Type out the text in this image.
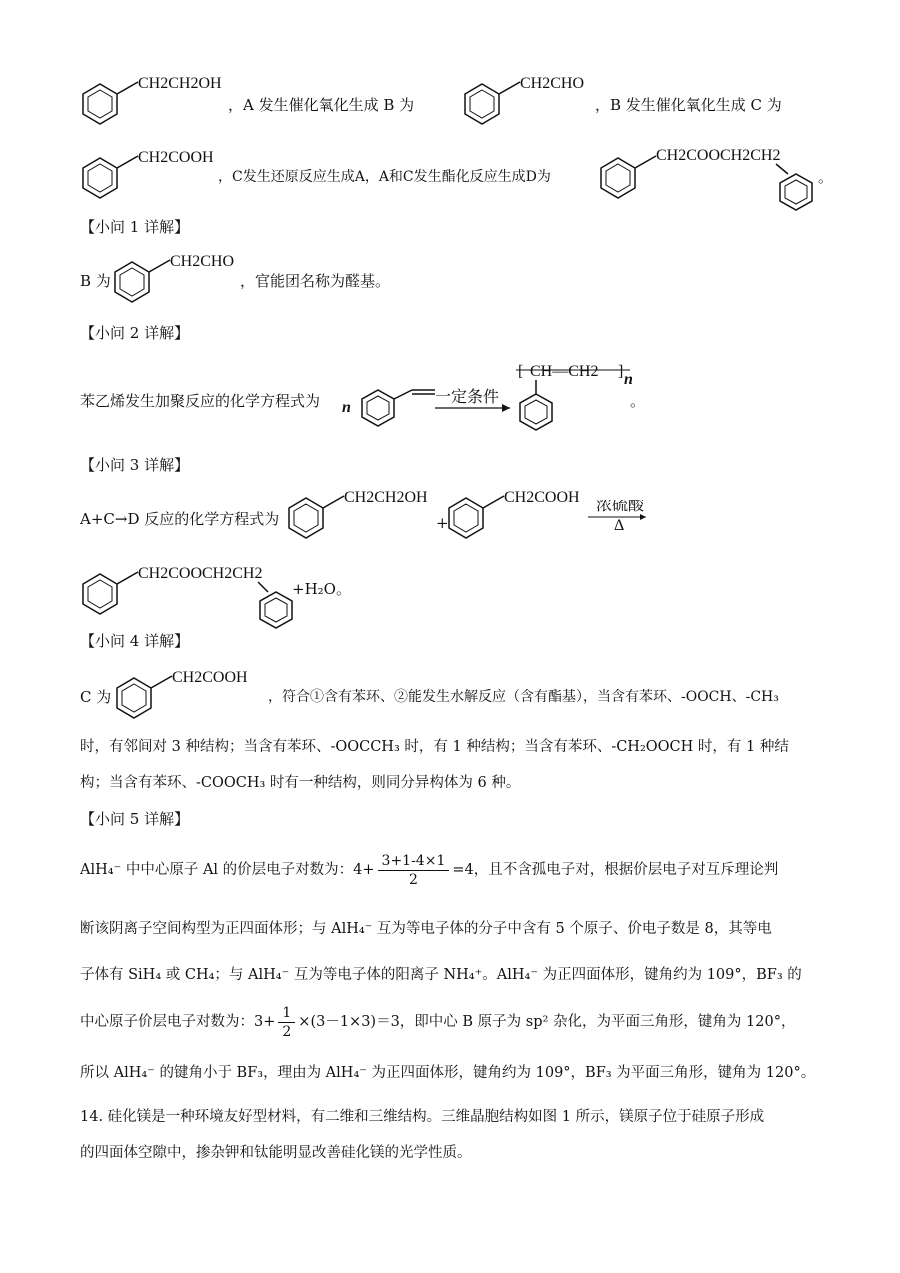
CH2CH2OH
，A 发生催化氧化生成 B 为
CH2CHO
，B 发生催化氧化生成 C 为
CH2COOH
，C发生还原反应生成A，A和C发生酯化反应生成D为
CH2COOCH2CH2
。
【小问 1 详解】
B 为
CH2CHO
，官能团名称为醛基。
【小问 2 详解】
苯乙烯发生加聚反应的化学方程式为 n
一定条件
[ CH—CH2 ] n
。
【小问 3 详解】
A+C→D 反应的化学方程式为
CH2CH2OH
+
CH2COOH 浓硫酸
Δ
CH2COOCH2CH2
+H₂O。
【小问 4 详解】
C 为
CH2COOH
，符合①含有苯环、②能发生水解反应（含有酯基），当含有苯环、-OOCH、-CH₃
时，有邻间对 3 种结构；当含有苯环、-OOCCH₃ 时，有 1 种结构；当含有苯环、-CH₂OOCH 时，有 1 种结
构；当含有苯环、-COOCH₃ 时有一种结构，则同分异构体为 6 种。
【小问 5 详解】
AlH₄⁻ 中中心原子 Al 的价层电子对数为：$4+ \frac{3+1-4\times 1}{2} =4$，且不含孤电子对，根据价层电子对互斥理论判
断该阴离子空间构型为正四面体形；与 AlH₄⁻ 互为等电子体的分子中含有 5 个原子、价电子数是 8，其等电
子体有 SiH₄ 或 CH₄；与 AlH₄⁻ 互为等电子体的阳离子 NH₄⁺。AlH₄⁻ 为正四面体形，键角约为 109°，BF₃ 的
中心原子价层电子对数为：$3+ \frac{1}{2} \times(3-1\times 3)=3$，即中心 B 原子为 sp² 杂化，为平面三角形，键角为 120°，
所以 AlH₄⁻ 的键角小于 BF₃，理由为 AlH₄⁻ 为正四面体形，键角约为 109°，BF₃ 为平面三角形，键角为 120°。
14. 硅化镁是一种环境友好型材料，有二维和三维结构。三维晶胞结构如图 1 所示，镁原子位于硅原子形成
的四面体空隙中，掺杂钾和钛能明显改善硅化镁的光学性质。
